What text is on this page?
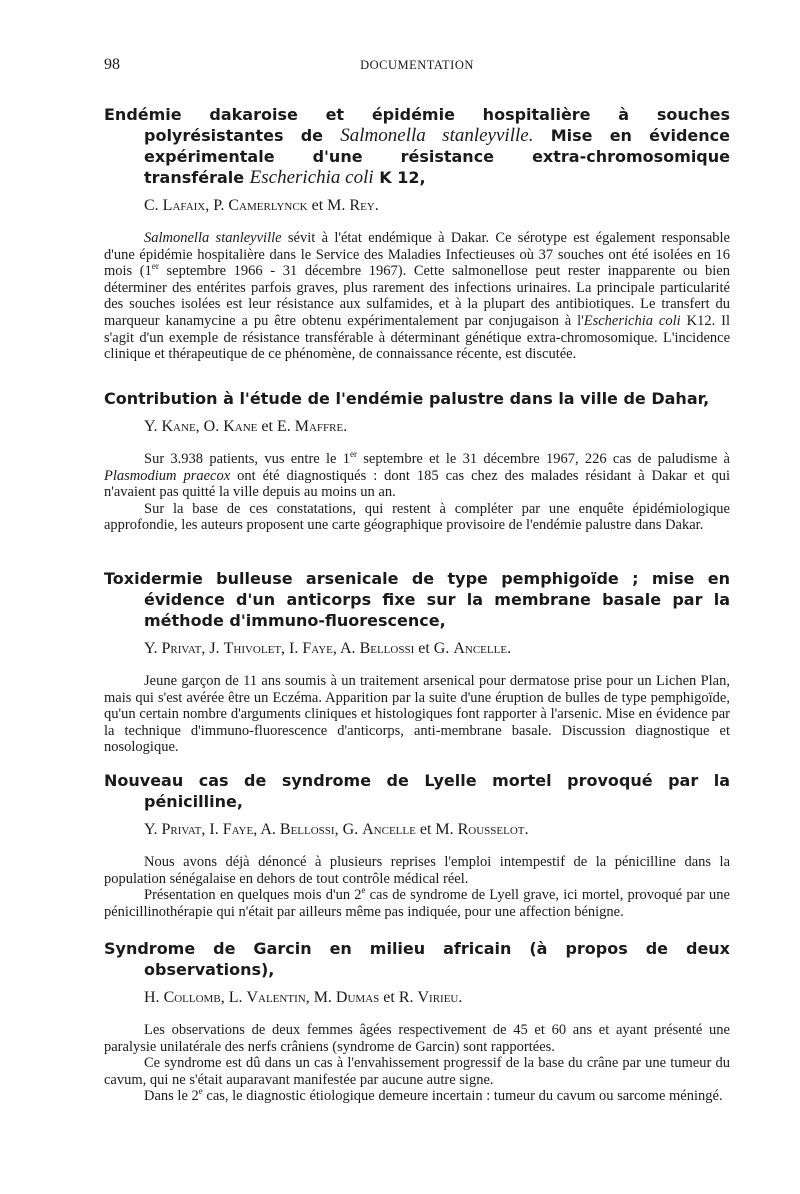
98	DOCUMENTATION
Endémie dakaroise et épidémie hospitalière à souches polyrésistantes de Salmonella stanleyville. Mise en évidence expérimentale d'une résistance extra-chromosomique transférale Escherichia coli K 12,
C. Lafaix, P. Camerlynck et M. Rey.

Salmonella stanleyville sévit à l'état endémique à Dakar. Ce sérotype est également responsable d'une épidémie hospitalière dans le Service des Maladies Infectieuses où 37 souches ont été isolées en 16 mois (1er septembre 1966 - 31 décembre 1967). Cette salmonellose peut rester inapparente ou bien déterminer des entérites parfois graves, plus rarement des infections urinaires. La principale particularité des souches isolées est leur résistance aux sulfamides, et à la plupart des antibiotiques. Le transfert du marqueur kanamycine a pu être obtenu expérimentalement par conjugaison à l'Escherichia coli K12. Il s'agit d'un exemple de résistance transférable à déterminant génétique extra-chromosomique. L'incidence clinique et thérapeutique de ce phénomène, de connaissance récente, est discutée.

Contribution à l'étude de l'endémie palustre dans la ville de Dahar,
Y. Kane, O. Kane et E. Maffre.

Sur 3.938 patients, vus entre le 1er septembre et le 31 décembre 1967, 226 cas de paludisme à Plasmodium praecox ont été diagnostiqués : dont 185 cas chez des malades résidant à Dakar et qui n'avaient pas quitté la ville depuis au moins un an.

Sur la base de ces constatations, qui restent à compléter par une enquête épidémiologique approfondie, les auteurs proposent une carte géographique provisoire de l'endémie palustre dans Dakar.

Toxidermie bulleuse arsenicale de type pemphigoïde ; mise en évidence d'un anticorps fixe sur la membrane basale par la méthode d'immuno-fluorescence,
Y. Privat, J. Thivolet, I. Faye, A. Bellossi et G. Ancelle.

Jeune garçon de 11 ans soumis à un traitement arsenical pour dermatose prise pour un Lichen Plan, mais qui s'est avérée être un Eczéma. Apparition par la suite d'une éruption de bulles de type pemphigoïde, qu'un certain nombre d'arguments cliniques et histologiques font rapporter à l'arsenic. Mise en évidence par la technique d'immuno-fluorescence d'anticorps, anti-membrane basale. Discussion diagnostique et nosologique.

Nouveau cas de syndrome de Lyelle mortel provoqué par la pénicilline,
Y. Privat, I. Faye, A. Bellossi, G. Ancelle et M. Rousselot.

Nous avons déjà dénoncé à plusieurs reprises l'emploi intempestif de la pénicilline dans la population sénégalaise en dehors de tout contrôle médical réel.

Présentation en quelques mois d'un 2e cas de syndrome de Lyell grave, ici mortel, provoqué par une pénicillinothérapie qui n'était par ailleurs même pas indiquée, pour une affection bénigne.

Syndrome de Garcin en milieu africain (à propos de deux observations),
H. Collomb, L. Valentin, M. Dumas et R. Virieu.

Les observations de deux femmes âgées respectivement de 45 et 60 ans et ayant présenté une paralysie unilatérale des nerfs crâniens (syndrome de Garcin) sont rapportées.

Ce syndrome est dû dans un cas à l'envahissement progressif de la base du crâne par une tumeur du cavum, qui ne s'était auparavant manifestée par aucune autre signe.

Dans le 2e cas, le diagnostic étiologique demeure incertain : tumeur du cavum ou sarcome méningé.
